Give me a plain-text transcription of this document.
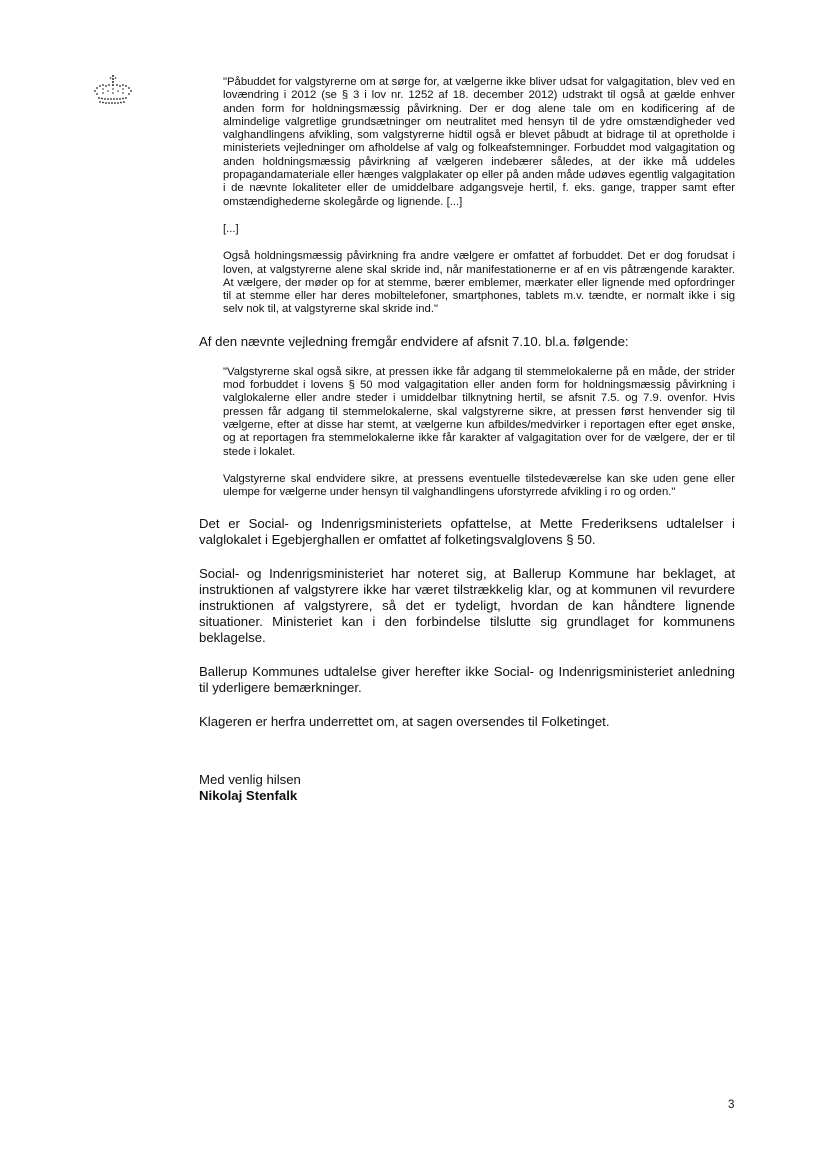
"Påbuddet for valgstyrerne om at sørge for, at vælgerne ikke bliver udsat for valgagitation, blev ved en lovændring i 2012 (se § 3 i lov nr. 1252 af 18. december 2012) udstrakt til også at gælde enhver anden form for holdningsmæssig påvirkning. Der er dog alene tale om en kodificering af de almindelige valgretlige grundsætninger om neutralitet med hensyn til de ydre omstændigheder ved valghandlingens afvikling, som valgstyrerne hidtil også er blevet påbudt at bidrage til at opretholde i ministeriets vejledninger om afholdelse af valg og folkeafstemninger. Forbuddet mod valgagitation og anden holdningsmæssig påvirkning af vælgeren indebærer således, at der ikke må uddeles propagandamateriale eller hænges valgplakater op eller på anden måde udøves egentlig valgagitation i de nævnte lokaliteter eller de umiddelbare adgangsveje hertil, f. eks. gange, trapper samt efter omstændighederne skolegårde og lignende. [...]

[...]

Også holdningsmæssig påvirkning fra andre vælgere er omfattet af forbuddet. Det er dog forudsat i loven, at valgstyrerne alene skal skride ind, når manifestationerne er af en vis påtrængende karakter. At vælgere, der møder op for at stemme, bærer emblemer, mærkater eller lignende med opfordringer til at stemme eller har deres mobiltelefoner, smartphones, tablets m.v. tændte, er normalt ikke i sig selv nok til, at valgstyrerne skal skride ind."

Af den nævnte vejledning fremgår endvidere af afsnit 7.10. bl.a. følgende:

"Valgstyrerne skal også sikre, at pressen ikke får adgang til stemmelokalerne på en måde, der strider mod forbuddet i lovens § 50 mod valgagitation eller anden form for holdningsmæssig påvirkning i valglokalerne eller andre steder i umiddelbar tilknytning hertil, se afsnit 7.5. og 7.9. ovenfor. Hvis pressen får adgang til stemmelokalerne, skal valgstyrerne sikre, at pressen først henvender sig til vælgerne, efter at disse har stemt, at vælgerne kun afbildes/medvirker i reportagen efter eget ønske, og at reportagen fra stemmelokalerne ikke får karakter af valgagitation over for de vælgere, der er til stede i lokalet.

Valgstyrerne skal endvidere sikre, at pressens eventuelle tilstedeværelse kan ske uden gene eller ulempe for vælgerne under hensyn til valghandlingens uforstyrrede afvikling i ro og orden."

Det er Social- og Indenrigsministeriets opfattelse, at Mette Frederiksens udtalelser i valglokalet i Egebjerghallen er omfattet af folketingsvalglovens § 50.

Social- og Indenrigsministeriet har noteret sig, at Ballerup Kommune har beklaget, at instruktionen af valgstyrere ikke har været tilstrækkelig klar, og at kommunen vil revurdere instruktionen af valgstyrere, så det er tydeligt, hvordan de kan håndtere lignende situationer. Ministeriet kan i den forbindelse tilslutte sig grundlaget for kommunens beklagelse.

Ballerup Kommunes udtalelse giver herefter ikke Social- og Indenrigsministeriet anledning til yderligere bemærkninger.

Klageren er herfra underrettet om, at sagen oversendes til Folketinget.

Med venlig hilsen
Nikolaj Stenfalk
3
